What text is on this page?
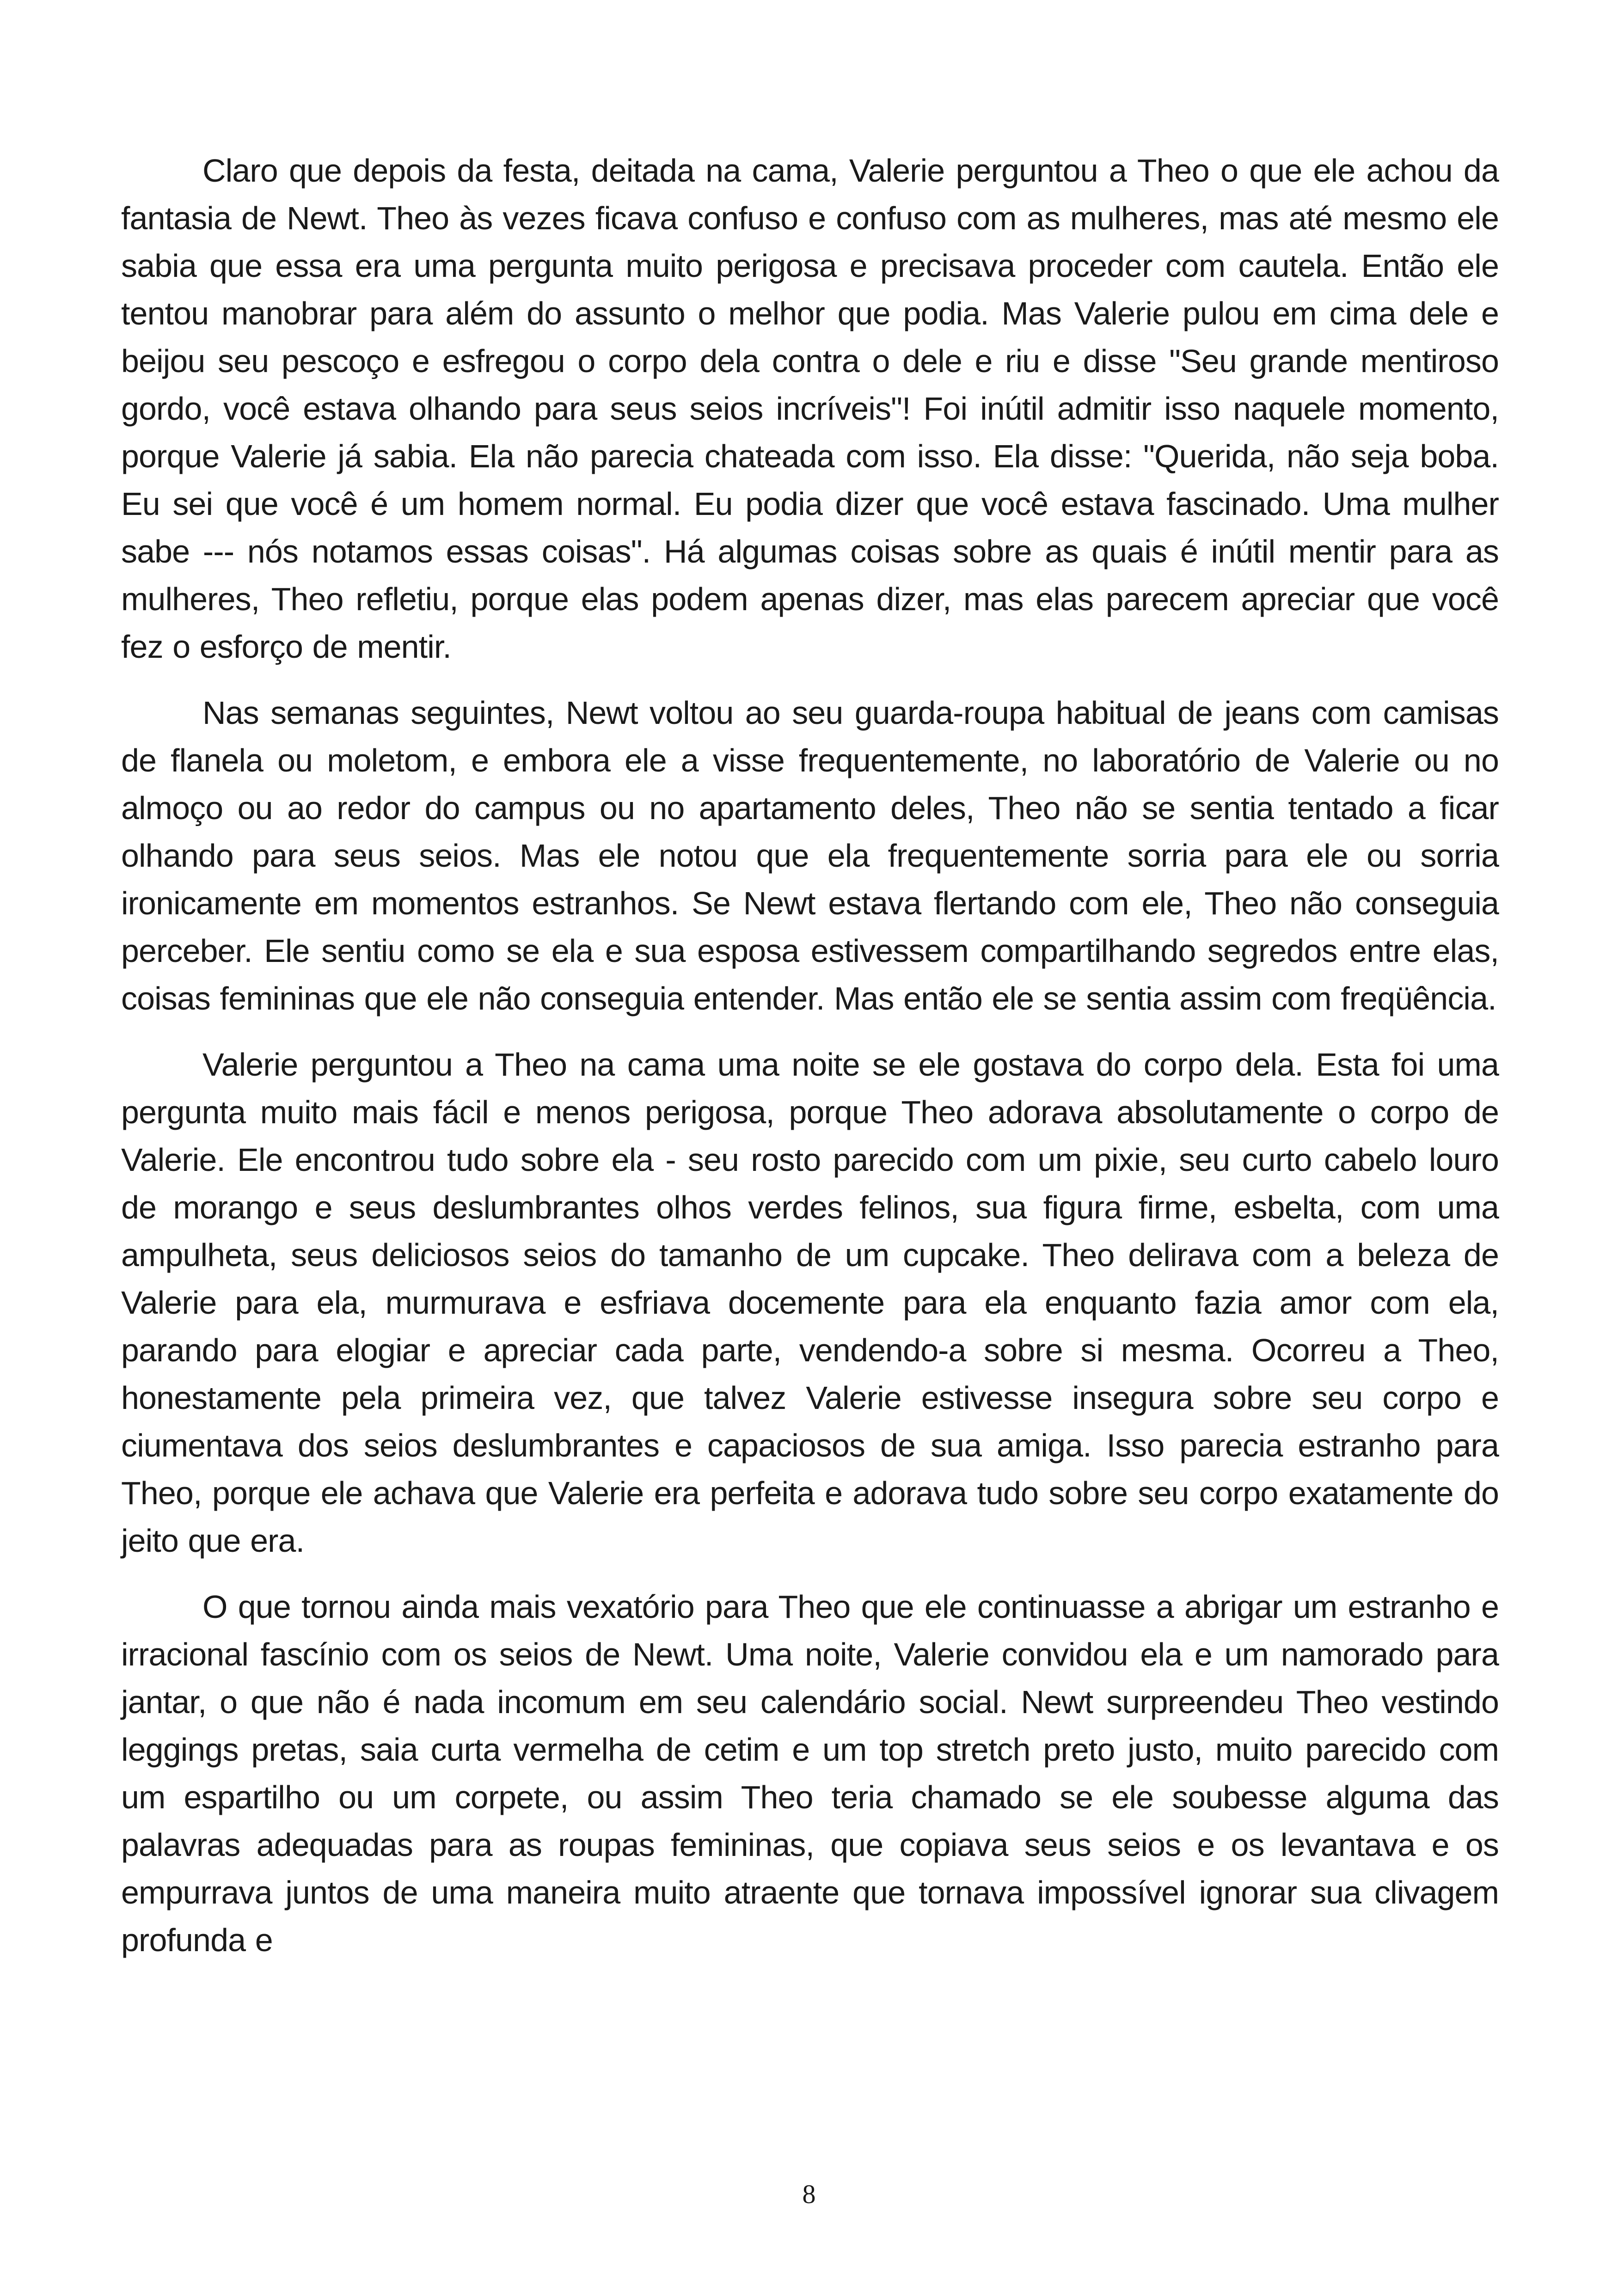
Claro que depois da festa, deitada na cama, Valerie perguntou a Theo o que ele achou da fantasia de Newt. Theo às vezes ficava confuso e confuso com as mulheres, mas até mesmo ele sabia que essa era uma pergunta muito perigosa e precisava proceder com cautela. Então ele tentou manobrar para além do assunto o melhor que podia. Mas Valerie pulou em cima dele e beijou seu pescoço e esfregou o corpo dela contra o dele e riu e disse "Seu grande mentiroso gordo, você estava olhando para seus seios incríveis"! Foi inútil admitir isso naquele momento, porque Valerie já sabia. Ela não parecia chateada com isso. Ela disse: "Querida, não seja boba. Eu sei que você é um homem normal. Eu podia dizer que você estava fascinado. Uma mulher sabe --- nós notamos essas coisas". Há algumas coisas sobre as quais é inútil mentir para as mulheres, Theo refletiu, porque elas podem apenas dizer, mas elas parecem apreciar que você fez o esforço de mentir.

Nas semanas seguintes, Newt voltou ao seu guarda-roupa habitual de jeans com camisas de flanela ou moletom, e embora ele a visse frequentemente, no laboratório de Valerie ou no almoço ou ao redor do campus ou no apartamento deles, Theo não se sentia tentado a ficar olhando para seus seios. Mas ele notou que ela frequentemente sorria para ele ou sorria ironicamente em momentos estranhos. Se Newt estava flertando com ele, Theo não conseguia perceber. Ele sentiu como se ela e sua esposa estivessem compartilhando segredos entre elas, coisas femininas que ele não conseguia entender. Mas então ele se sentia assim com freqüência.

Valerie perguntou a Theo na cama uma noite se ele gostava do corpo dela. Esta foi uma pergunta muito mais fácil e menos perigosa, porque Theo adorava absolutamente o corpo de Valerie. Ele encontrou tudo sobre ela - seu rosto parecido com um pixie, seu curto cabelo louro de morango e seus deslumbrantes olhos verdes felinos, sua figura firme, esbelta, com uma ampulheta, seus deliciosos seios do tamanho de um cupcake. Theo delirava com a beleza de Valerie para ela, murmurava e esfriava docemente para ela enquanto fazia amor com ela, parando para elogiar e apreciar cada parte, vendendo-a sobre si mesma. Ocorreu a Theo, honestamente pela primeira vez, que talvez Valerie estivesse insegura sobre seu corpo e ciumentava dos seios deslumbrantes e capaciosos de sua amiga. Isso parecia estranho para Theo, porque ele achava que Valerie era perfeita e adorava tudo sobre seu corpo exatamente do jeito que era.

O que tornou ainda mais vexatório para Theo que ele continuasse a abrigar um estranho e irracional fascínio com os seios de Newt. Uma noite, Valerie convidou ela e um namorado para jantar, o que não é nada incomum em seu calendário social. Newt surpreendeu Theo vestindo leggings pretas, saia curta vermelha de cetim e um top stretch preto justo, muito parecido com um espartilho ou um corpete, ou assim Theo teria chamado se ele soubesse alguma das palavras adequadas para as roupas femininas, que copiava seus seios e os levantava e os empurrava juntos de uma maneira muito atraente que tornava impossível ignorar sua clivagem profunda e

8
